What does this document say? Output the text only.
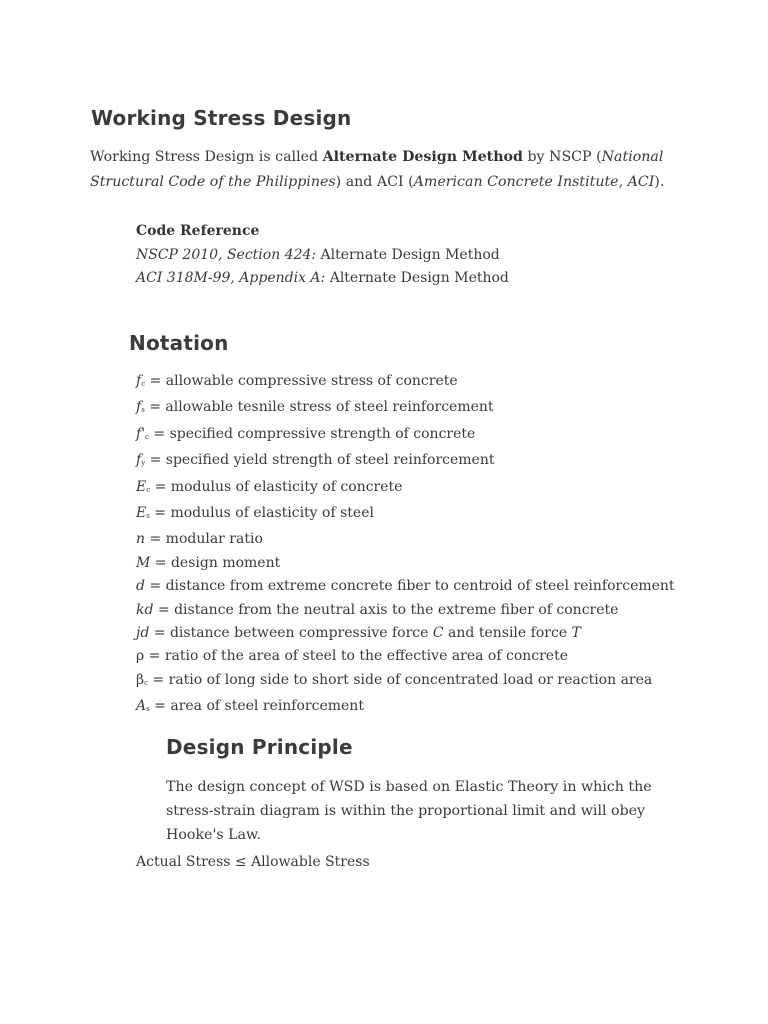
Working Stress Design

Working Stress Design is called Alternate Design Method by NSCP (National Structural Code of the Philippines) and ACI (American Concrete Institute, ACI).

Code Reference
NSCP 2010, Section 424: Alternate Design Method
ACI 318M-99, Appendix A: Alternate Design Method
Notation
$f_c$ = allowable compressive stress of concrete
$f_s$ = allowable tesnile stress of steel reinforcement
$f'_c$ = specified compressive strength of concrete
$f_y$ = specified yield strength of steel reinforcement
$E_c$ = modulus of elasticity of concrete
$E_s$ = modulus of elasticity of steel
n = modular ratio
M = design moment
d = distance from extreme concrete fiber to centroid of steel reinforcement
kd = distance from the neutral axis to the extreme fiber of concrete
jd = distance between compressive force C and tensile force T
ρ = ratio of the area of steel to the effective area of concrete
$\beta_c$ = ratio of long side to short side of concentrated load or reaction area
$A_s$ = area of steel reinforcement
Design Principle

The design concept of WSD is based on Elastic Theory in which the stress-strain diagram is within the proportional limit and will obey Hooke's Law.

Actual Stress ≤ Allowable Stress
